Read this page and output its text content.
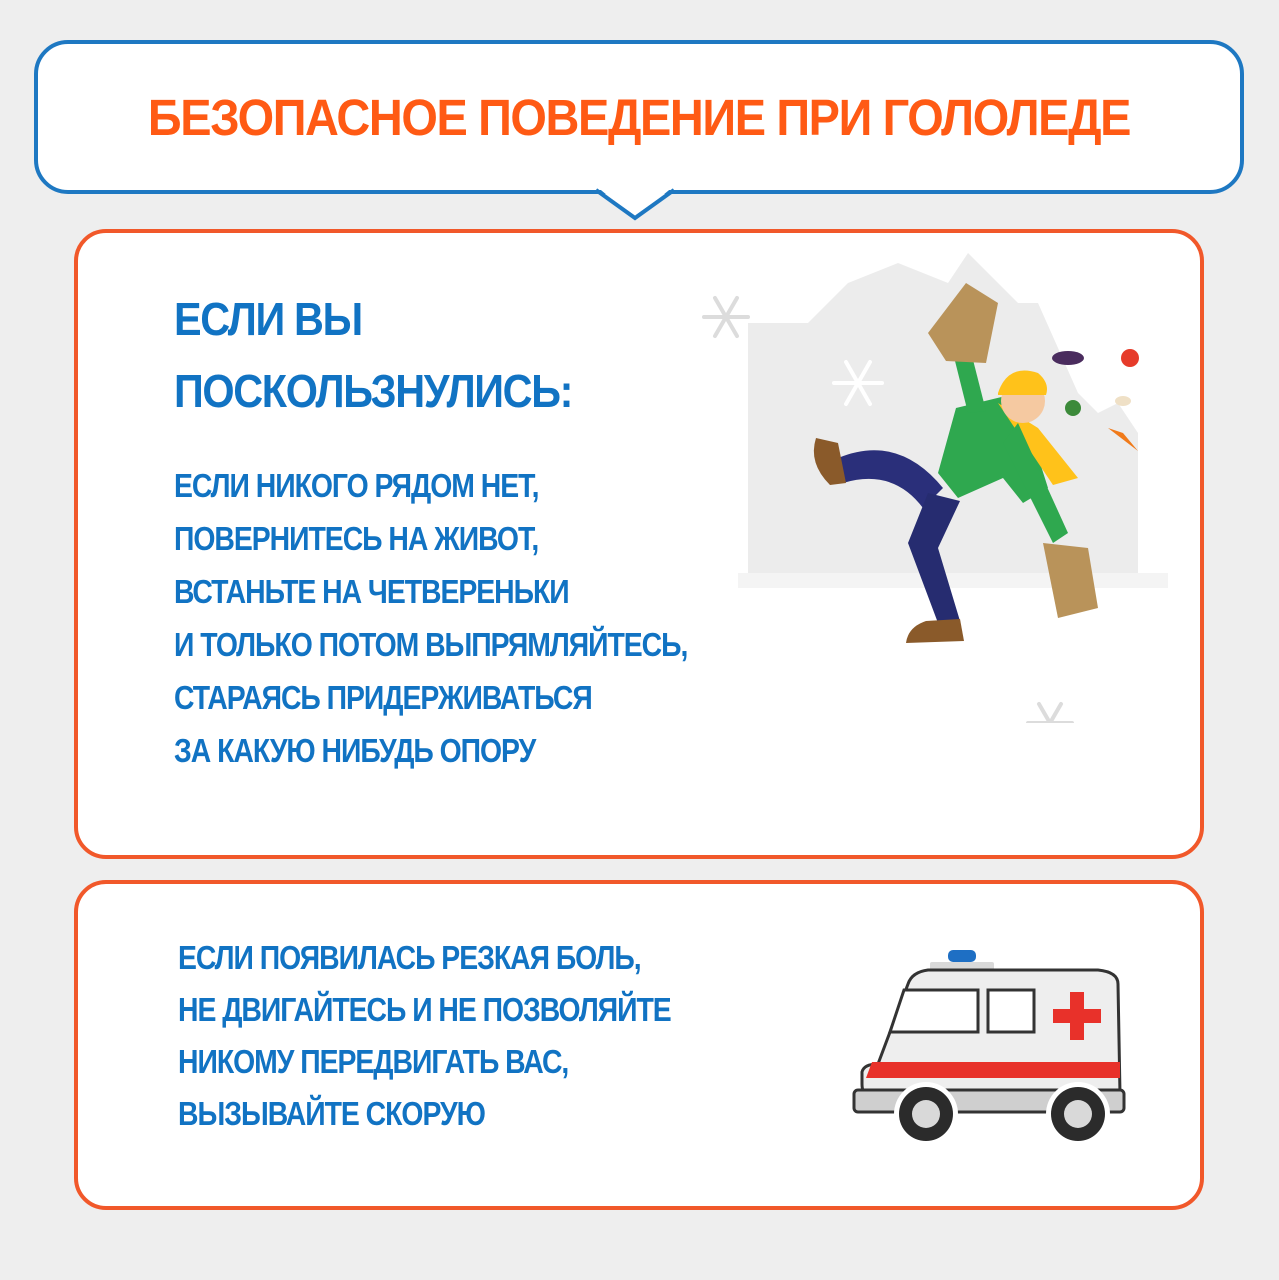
БЕЗОПАСНОЕ ПОВЕДЕНИЕ ПРИ ГОЛОЛЕДЕ
ЕСЛИ ВЫ
ПОСКОЛЬЗНУЛИСЬ:
ЕСЛИ НИКОГО РЯДОМ НЕТ,
ПОВЕРНИТЕСЬ НА ЖИВОТ,
ВСТАНЬТЕ НА ЧЕТВЕРЕНЬКИ
И ТОЛЬКО ПОТОМ ВЫПРЯМЛЯЙТЕСЬ,
СТАРАЯСЬ ПРИДЕРЖИВАТЬСЯ
ЗА КАКУЮ НИБУДЬ ОПОРУ
ЕСЛИ ПОЯВИЛАСЬ РЕЗКАЯ БОЛЬ,
НЕ ДВИГАЙТЕСЬ И НЕ ПОЗВОЛЯЙТЕ
НИКОМУ ПЕРЕДВИГАТЬ ВАС,
ВЫЗЫВАЙТЕ СКОРУЮ
